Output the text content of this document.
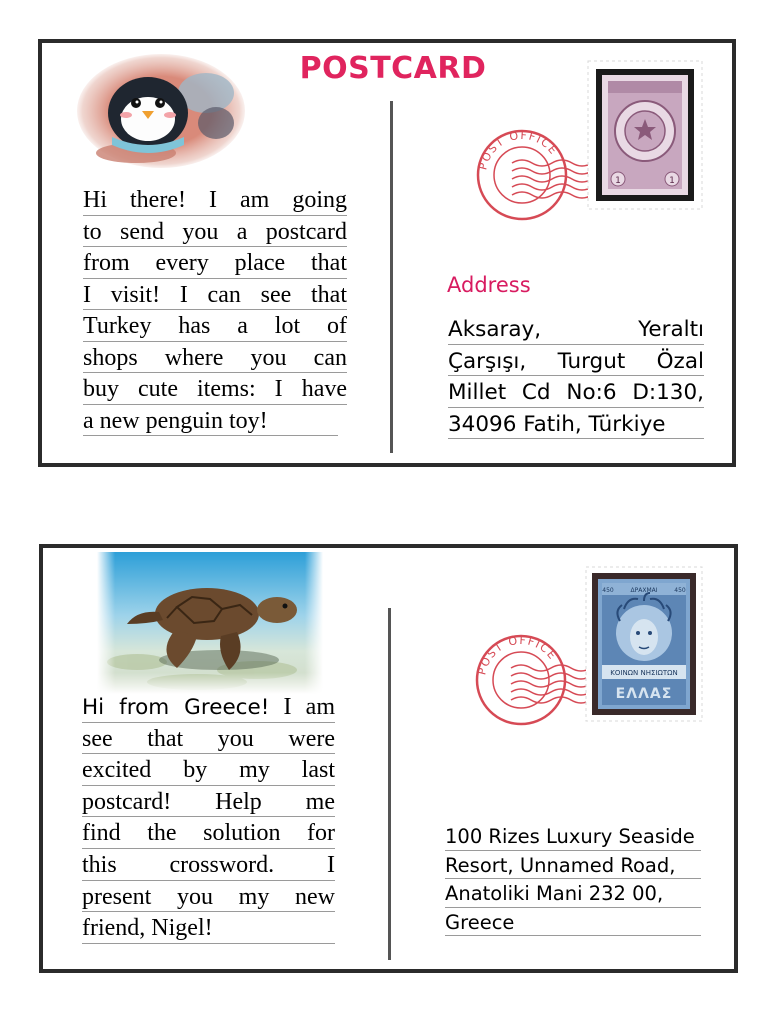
POSTCARD
Hi there! I am going
to send you a postcard
from every place that
I visit! I can see that
Turkey has a lot of
shops where you can
buy cute items: I have
a new penguin toy!
POST OFFICE
1	1
Address
Aksaray, Yeraltı
Çarşışı, Turgut Özal
Millet Cd No:6 D:130,
34096 Fatih, Türkiye
Hi from Greece! I am
see that you were
excited by my last
postcard! Help me
find the solution for
this crossword. I
present you my new
friend, Nigel!
POST OFFICE
ΔΡΑΧΜΑΙ
450	450
ΚΟΙΝΩΝ ΝΗΣΙΩΤΩΝ
ΕΛΛΑΣ
100 Rizes Luxury Seaside
Resort, Unnamed Road,
Anatoliki Mani 232 00,
Greece
